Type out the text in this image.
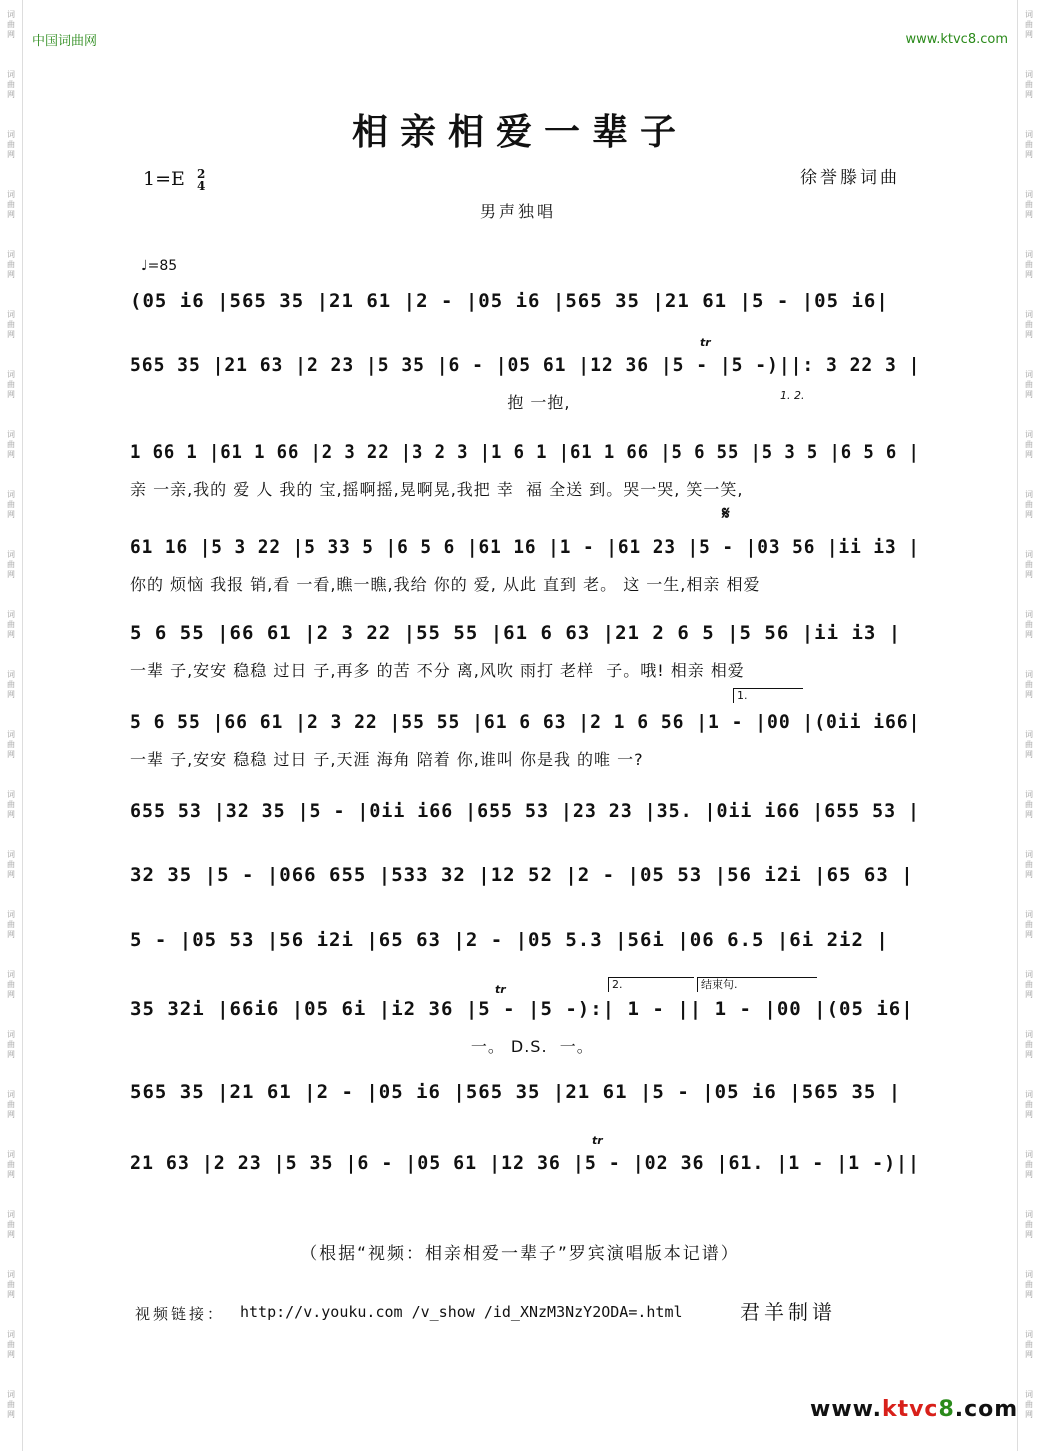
词
曲
网
词
曲
网
词
曲
网
词
曲
网
词
曲
网
词
曲
网
词
曲
网
词
曲
网
词
曲
网
词
曲
网
词
曲
网
词
曲
网
词
曲
网
词
曲
网
词
曲
网
词
曲
网
词
曲
网
词
曲
网
词
曲
网
词
曲
网
词
曲
网
词
曲
网
词
曲
网
词
曲
网
词
曲
网
词
曲
网
词
曲
网
词
曲
网
词
曲
网
词
曲
网
词
曲
网
词
曲
网
词
曲
网
词
曲
网
词
曲
网
词
曲
网
词
曲
网
词
曲
网
词
曲
网
词
曲
网
词
曲
网
词
曲
网
词
曲
网
词
曲
网
词
曲
网
词
曲
网
词
曲
网
词
曲
网
中国词曲网	www.ktvc8.com
相亲相爱一辈子
1=E 2
4	徐誉滕词曲
男声独唱
♩=85
(05 i6 |565 35 |21 61 |2 - |05 i6 |565 35 |21 61 |5 - |05 i6|
565 35 |21 63 |2 23 |5 35 |6 - |05 61 |12 36 |5 - |5 -)||: 3 22 3 |
抱 一抱,
1 66 1 |61 1 66 |2 3 22 |3 2 3 |1 6 1 |61 1 66 |5 6 55 |5 3 5 |6 5 6 |
亲 一亲,我的 爱 人 我的 宝,摇啊摇,晃啊晃,我把 幸  福 全送 到。哭一哭, 笑一笑,
61 16 |5 3 22 |5 33 5 |6 5 6 |61 16 |1 - |61 23 |5 - |03 56 |ii i3 |
你的 烦恼 我报 销,看 一看,瞧一瞧,我给 你的 爱, 从此 直到 老。 这 一生,相亲 相爱
5 6 55 |66 61 |2 3 22 |55 55 |61 6 63 |21 2 6 5 |5 56 |ii i3 |
一辈 子,安安 稳稳 过日 子,再多 的苦 不分 离,风吹 雨打 老样  子。哦! 相亲 相爱
5 6 55 |66 61 |2 3 22 |55 55 |61 6 63 |2 1 6 56 |1 - |00 |(0ii i66|
一辈 子,安安 稳稳 过日 子,天涯 海角 陪着 你,谁叫 你是我 的唯 一?
655 53 |32 35 |5 - |0ii i66 |655 53 |23 23 |35. |0ii i66 |655 53 |
32 35 |5 - |066 655 |533 32 |12 52 |2 - |05 53 |56 i2i |65 63 |
5 - |05 53 |56 i2i |65 63 |2 - |05 5.3 |56i |06 6.5 |6i 2i2 |
35 32i |66i6 |05 6i |i2 36 |5 - |5 -):| 1 - || 1 - |00 |(05 i6|
一。 D.S.  一。
565 35 |21 61 |2 - |05 i6 |565 35 |21 61 |5 - |05 i6 |565 35 |
21 63 |2 23 |5 35 |6 - |05 61 |12 36 |5 - |02 36 |61. |1 - |1 -)||
1. 2.
tr
𝄋
1.
tr	2.	结束句.
tr
（根据“视频：相亲相爱一辈子”罗宾演唱版本记谱）
视频链接： http://v.youku.com /v_show /id_XNzM3NzY2ODA=.html	君羊制谱
www.ktvc8.com
